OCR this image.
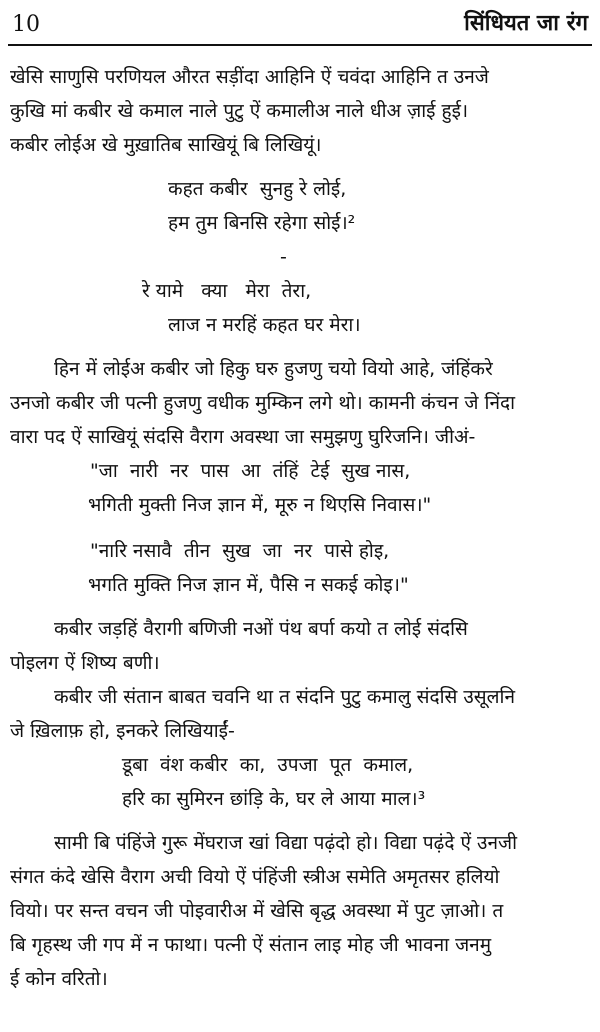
10	सिंधियत जा रंग
खेसि साणुसि परणियल औरत सड़ींदा आहिनि ऐं चवंदा आहिनि त उनजे
कुखि मां कबीर खे कमाल नाले पुटु ऐं कमालीअ नाले धीअ ज़ाई हुई।
कबीर लोईअ खे मुख़ातिब साखियूं बि लिखियूं।
कहत कबीर  सुनहु रे लोई,
हम तुम बिनसि रहेगा सोई।²
-
रे यामे   क्या   मेरा  तेरा,
लाज न मरहिं कहत घर मेरा।
हिन में लोईअ कबीर जो हिकु घरु हुजणु चयो वियो आहे, जंहिंकरे
उनजो कबीर जी पत्नी हुजणु वधीक मुम्किन लगे थो। कामनी कंचन जे निंदा
वारा पद ऐं साखियूं संदसि वैराग अवस्था जा समुझणु घुरिजनि। जीअं-
"जा  नारी  नर  पास  आ  तंहिं  टेई  सुख नास,
भगिती मुक्ती निज ज्ञान में, मूरु न थिएसि निवास।"
"नारि नसावै  तीन  सुख  जा  नर  पासे होइ,
भगति मुक्ति निज ज्ञान में, पैसि न सकई कोइ।"
कबीर जड़हिं वैरागी बणिजी नओं पंथ बर्पा कयो त लोई संदसि
पोइलग ऐं शिष्य बणी।
कबीर जी संतान बाबत चवनि था त संदनि पुटु कमालु संदसि उसूलनि
जे ख़िलाफ़ हो, इनकरे लिखियाईं-
डूबा  वंश कबीर  का,  उपजा  पूत  कमाल,
हरि का सुमिरन छांड़ि के, घर ले आया माल।³
सामी बि पंहिंजे गुरू मेंघराज खां विद्या पढ़ंदो हो। विद्या पढ़ंदे ऐं उनजी
संगत कंदे खेसि वैराग अची वियो ऐं पंहिंजी स्त्रीअ समेति अमृतसर हलियो
वियो। पर सन्त वचन जी पोइवारीअ में खेसि बृद्ध अवस्था में पुट ज़ाओ। त
बि गृहस्थ जी गप में न फाथा। पत्नी ऐं संतान लाइ मोह जी भावना जनमु
ई कोन वरितो।
